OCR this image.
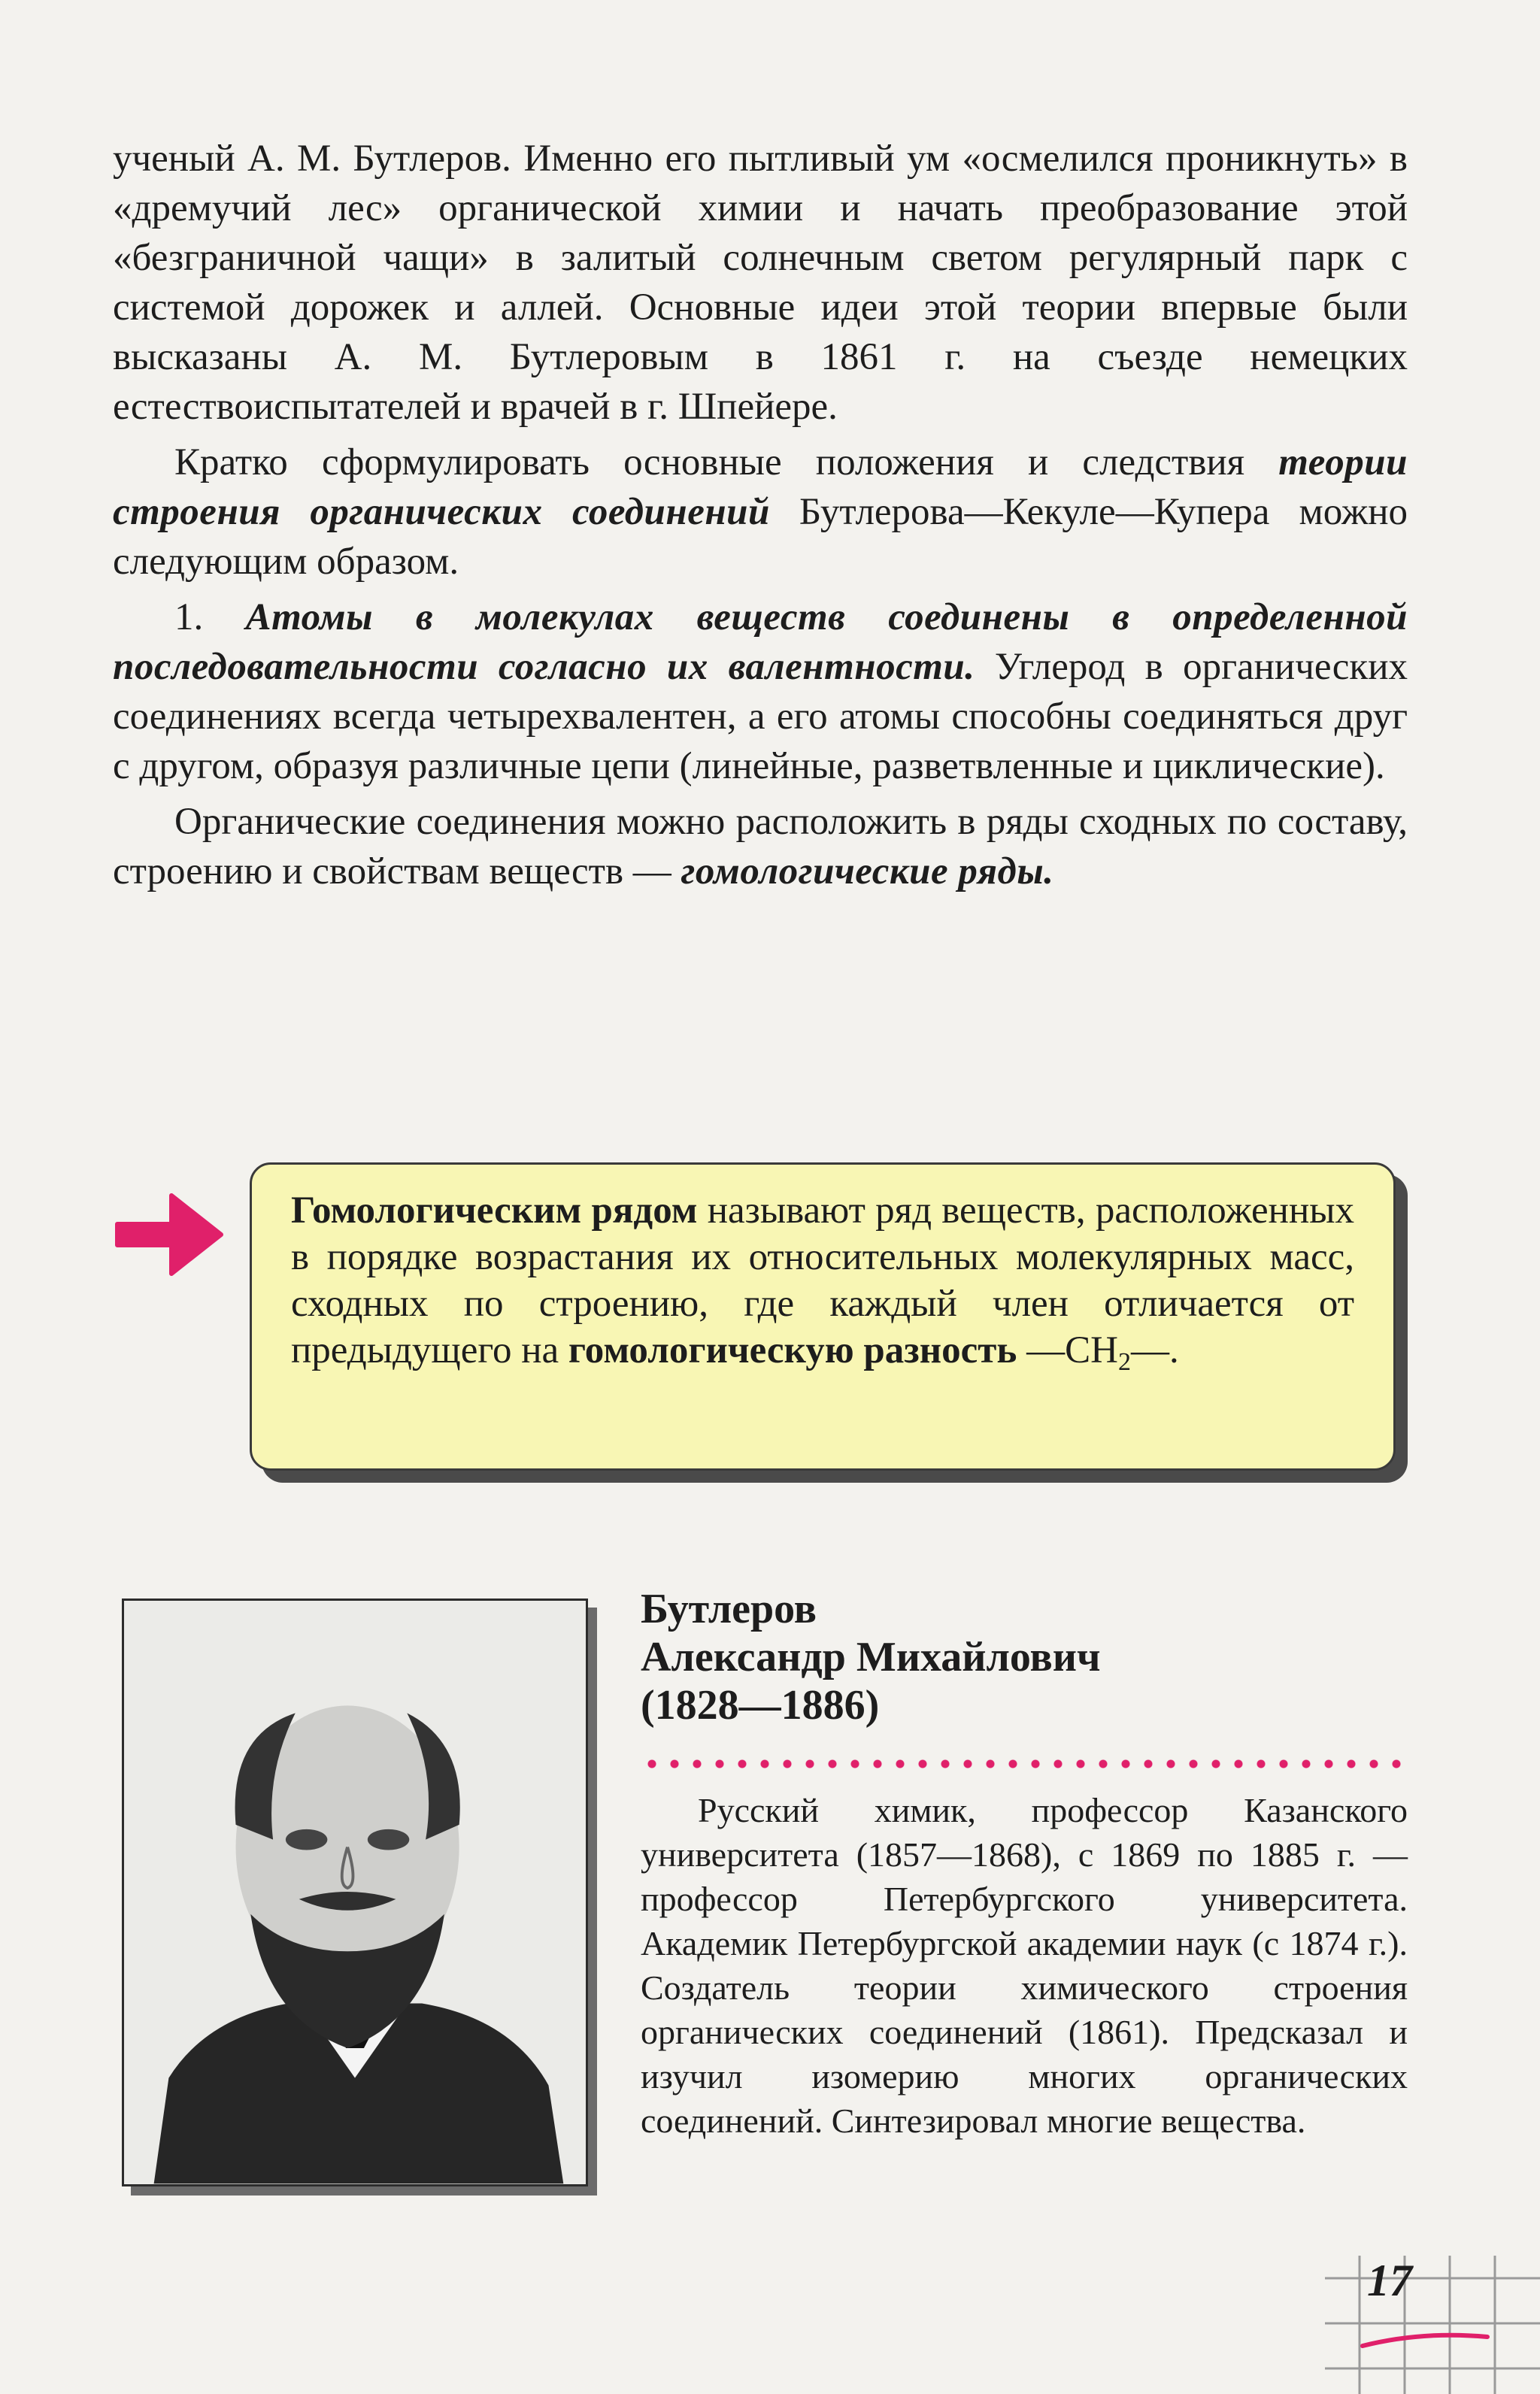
ученый А. М. Бутлеров. Именно его пытливый ум «осмелился проникнуть» в «дремучий лес» органической химии и начать преобразование этой «безграничной чащи» в залитый солнечным светом регулярный парк с системой дорожек и аллей. Основные идеи этой теории впервые были высказаны А. М. Бутлеровым в 1861 г. на съезде немецких естествоиспытателей и врачей в г. Шпейере.

Кратко сформулировать основные положения и следствия теории строения органических соединений Бутлерова—Кекуле—Купера можно следующим образом.

1. Атомы в молекулах веществ соединены в определенной последовательности согласно их валентности. Углерод в органических соединениях всегда четырехвалентен, а его атомы способны соединяться друг с другом, образуя различные цепи (линейные, разветвленные и циклические).

Органические соединения можно расположить в ряды сходных по составу, строению и свойствам веществ — гомологические ряды.

Гомологическим рядом называют ряд веществ, расположенных в порядке возрастания их относительных молекулярных масс, сходных по строению, где каждый член отличается от предыдущего на гомологическую разность $—CH_2—$.
Бутлеров
Александр Михайлович
(1828—1886)

Русский химик, профессор Казанского университета (1857—1868), с 1869 по 1885 г. — профессор Петербургского университета. Академик Петербургской академии наук (с 1874 г.). Создатель теории химического строения органических соединений (1861). Предсказал и изучил изомерию многих органических соединений. Синтезировал многие вещества.

17
